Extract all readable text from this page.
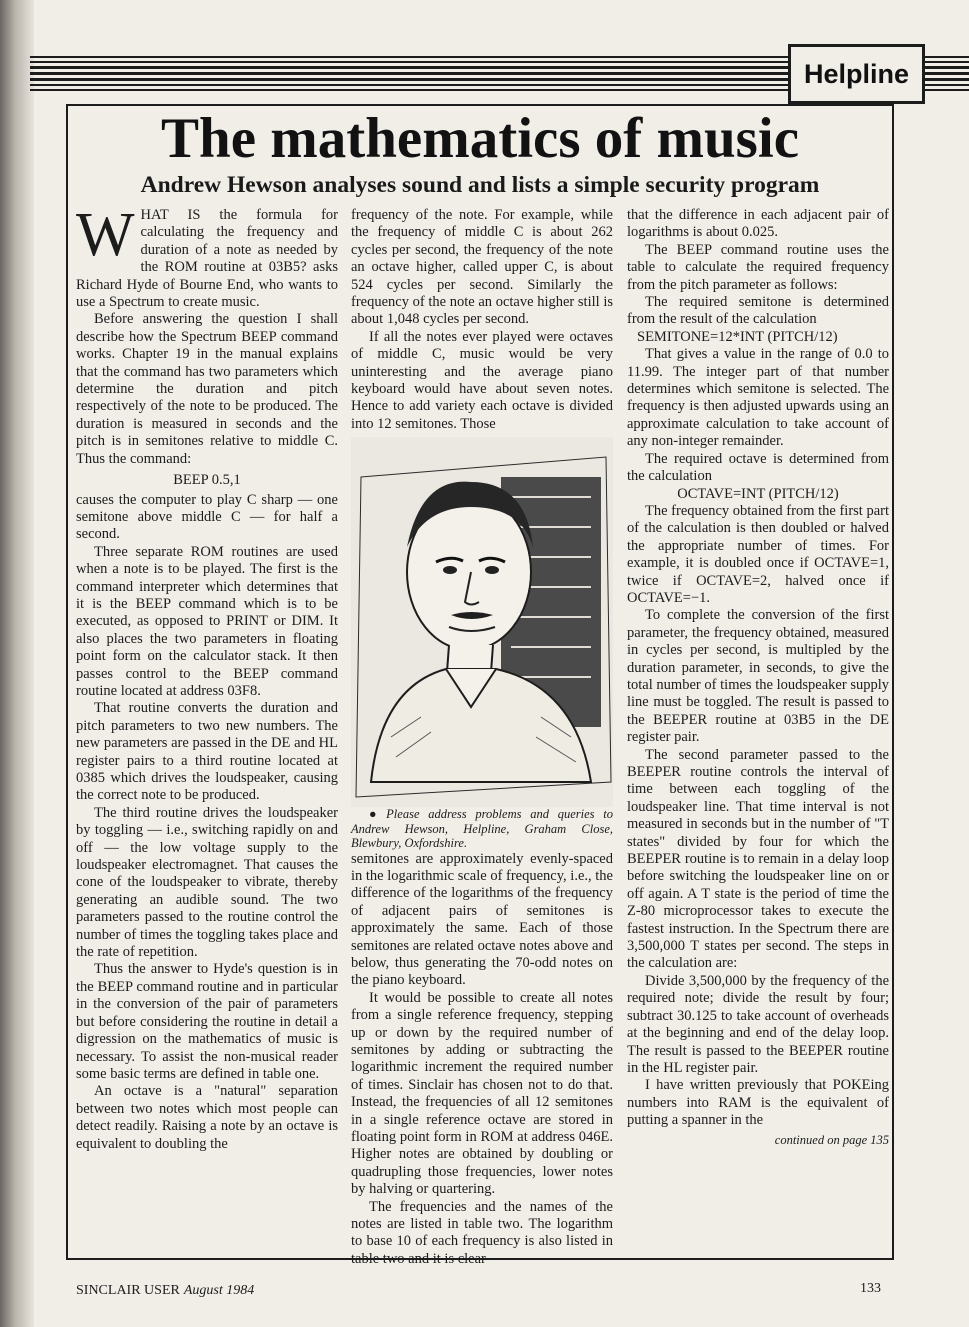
Helpline
The mathematics of music
Andrew Hewson analyses sound and lists a simple security program

WHAT IS the formula for calculating the frequency and duration of a note as needed by the ROM routine at 03B5? asks Richard Hyde of Bourne End, who wants to use a Spectrum to create music.

Before answering the question I shall describe how the Spectrum BEEP command works. Chapter 19 in the manual explains that the command has two parameters which determine the duration and pitch respectively of the note to be produced. The duration is measured in seconds and the pitch is in semitones relative to middle C. Thus the command:

BEEP 0.5,1

causes the computer to play C sharp — one semitone above middle C — for half a second.

Three separate ROM routines are used when a note is to be played. The first is the command interpreter which determines that it is the BEEP command which is to be executed, as opposed to PRINT or DIM. It also places the two parameters in floating point form on the calculator stack. It then passes control to the BEEP command routine located at address 03F8.

That routine converts the duration and pitch parameters to two new numbers. The new parameters are passed in the DE and HL register pairs to a third routine located at 0385 which drives the loudspeaker, causing the correct note to be produced.

The third routine drives the loudspeaker by toggling — i.e., switching rapidly on and off — the low voltage supply to the loudspeaker electromagnet. That causes the cone of the loudspeaker to vibrate, thereby generating an audible sound. The two parameters passed to the routine control the number of times the toggling takes place and the rate of repetition.

Thus the answer to Hyde's question is in the BEEP command routine and in particular in the conversion of the pair of parameters but before considering the routine in detail a digression on the mathematics of music is necessary. To assist the non-musical reader some basic terms are defined in table one.

An octave is a "natural" separation between two notes which most people can detect readily. Raising a note by an octave is equivalent to doubling the

frequency of the note. For example, while the frequency of middle C is about 262 cycles per second, the frequency of the note an octave higher, called upper C, is about 524 cycles per second. Similarly the frequency of the note an octave higher still is about 1,048 cycles per second.

If all the notes ever played were octaves of middle C, music would be very uninteresting and the average piano keyboard would have about seven notes. Hence to add variety each octave is divided into 12 semitones. Those

● Please address problems and queries to Andrew Hewson, Helpline, Graham Close, Blewbury, Oxfordshire.

semitones are approximately evenly-spaced in the logarithmic scale of frequency, i.e., the difference of the logarithms of the frequency of adjacent pairs of semitones is approximately the same. Each of those semitones are related octave notes above and below, thus generating the 70-odd notes on the piano keyboard.

It would be possible to create all notes from a single reference frequency, stepping up or down by the required number of semitones by adding or subtracting the logarithmic increment the required number of times. Sinclair has chosen not to do that. Instead, the frequencies of all 12 semitones in a single reference octave are stored in floating point form in ROM at address 046E. Higher notes are obtained by doubling or quadrupling those frequencies, lower notes by halving or quartering.

The frequencies and the names of the notes are listed in table two. The logarithm to base 10 of each frequency is also listed in table two and it is clear

that the difference in each adjacent pair of logarithms is about 0.025.

The BEEP command routine uses the table to calculate the required frequency from the pitch parameter as follows:

The required semitone is determined from the result of the calculation

SEMITONE=12*INT (PITCH/12)

That gives a value in the range of 0.0 to 11.99. The integer part of that number determines which semitone is selected. The frequency is then adjusted upwards using an approximate calculation to take account of any non-integer remainder.

The required octave is determined from the calculation

OCTAVE=INT (PITCH/12)

The frequency obtained from the first part of the calculation is then doubled or halved the appropriate number of times. For example, it is doubled once if OCTAVE=1, twice if OCTAVE=2, halved once if OCTAVE=−1.

To complete the conversion of the first parameter, the frequency obtained, measured in cycles per second, is multipled by the duration parameter, in seconds, to give the total number of times the loudspeaker supply line must be toggled. The result is passed to the BEEPER routine at 03B5 in the DE register pair.

The second parameter passed to the BEEPER routine controls the interval of time between each toggling of the loudspeaker line. That time interval is not measured in seconds but in the number of "T states" divided by four for which the BEEPER routine is to remain in a delay loop before switching the loudspeaker line on or off again. A T state is the period of time the Z-80 microprocessor takes to execute the fastest instruction. In the Spectrum there are 3,500,000 T states per second. The steps in the calculation are:

Divide 3,500,000 by the frequency of the required note; divide the result by four; subtract 30.125 to take account of overheads at the beginning and end of the delay loop. The result is passed to the BEEPER routine in the HL register pair.

I have written previously that POKEing numbers into RAM is the equivalent of putting a spanner in the

continued on page 135
SINCLAIR USER August 1984	133
